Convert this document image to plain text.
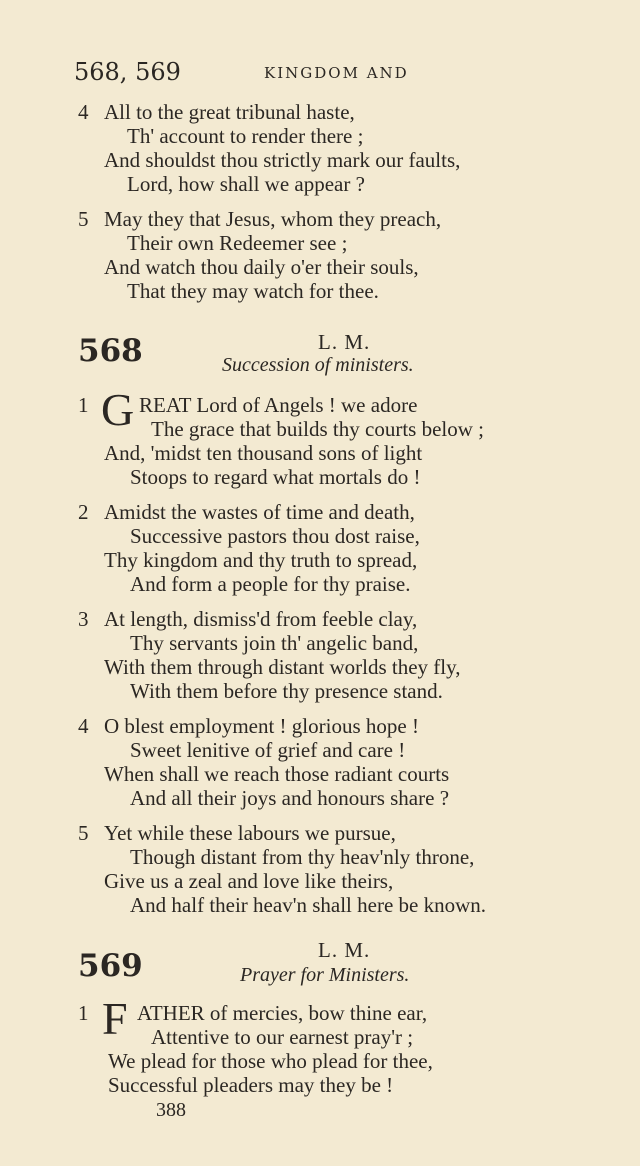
568, 569	KINGDOM AND
4 All to the great tribunal haste,
Th' account to render there ;
And shouldst thou strictly mark our faults,
Lord, how shall we appear ?
5 May they that Jesus, whom they preach,
Their own Redeemer see ;
And watch thou daily o'er their souls,
That they may watch for thee.
568	L. M.
Succession of ministers.
1 G REAT Lord of Angels ! we adore
The grace that builds thy courts below ;
And, 'midst ten thousand sons of light
Stoops to regard what mortals do !
2 Amidst the wastes of time and death,
Successive pastors thou dost raise,
Thy kingdom and thy truth to spread,
And form a people for thy praise.
3 At length, dismiss'd from feeble clay,
Thy servants join th' angelic band,
With them through distant worlds they fly,
With them before thy presence stand.
4 O blest employment ! glorious hope !
Sweet lenitive of grief and care !
When shall we reach those radiant courts
And all their joys and honours share ?
5 Yet while these labours we pursue,
Though distant from thy heav'nly throne,
Give us a zeal and love like theirs,
And half their heav'n shall here be known.
569	L. M.
Prayer for Ministers.
1 F ATHER of mercies, bow thine ear,
Attentive to our earnest pray'r ;
We plead for those who plead for thee,
Successful pleaders may they be !
388
